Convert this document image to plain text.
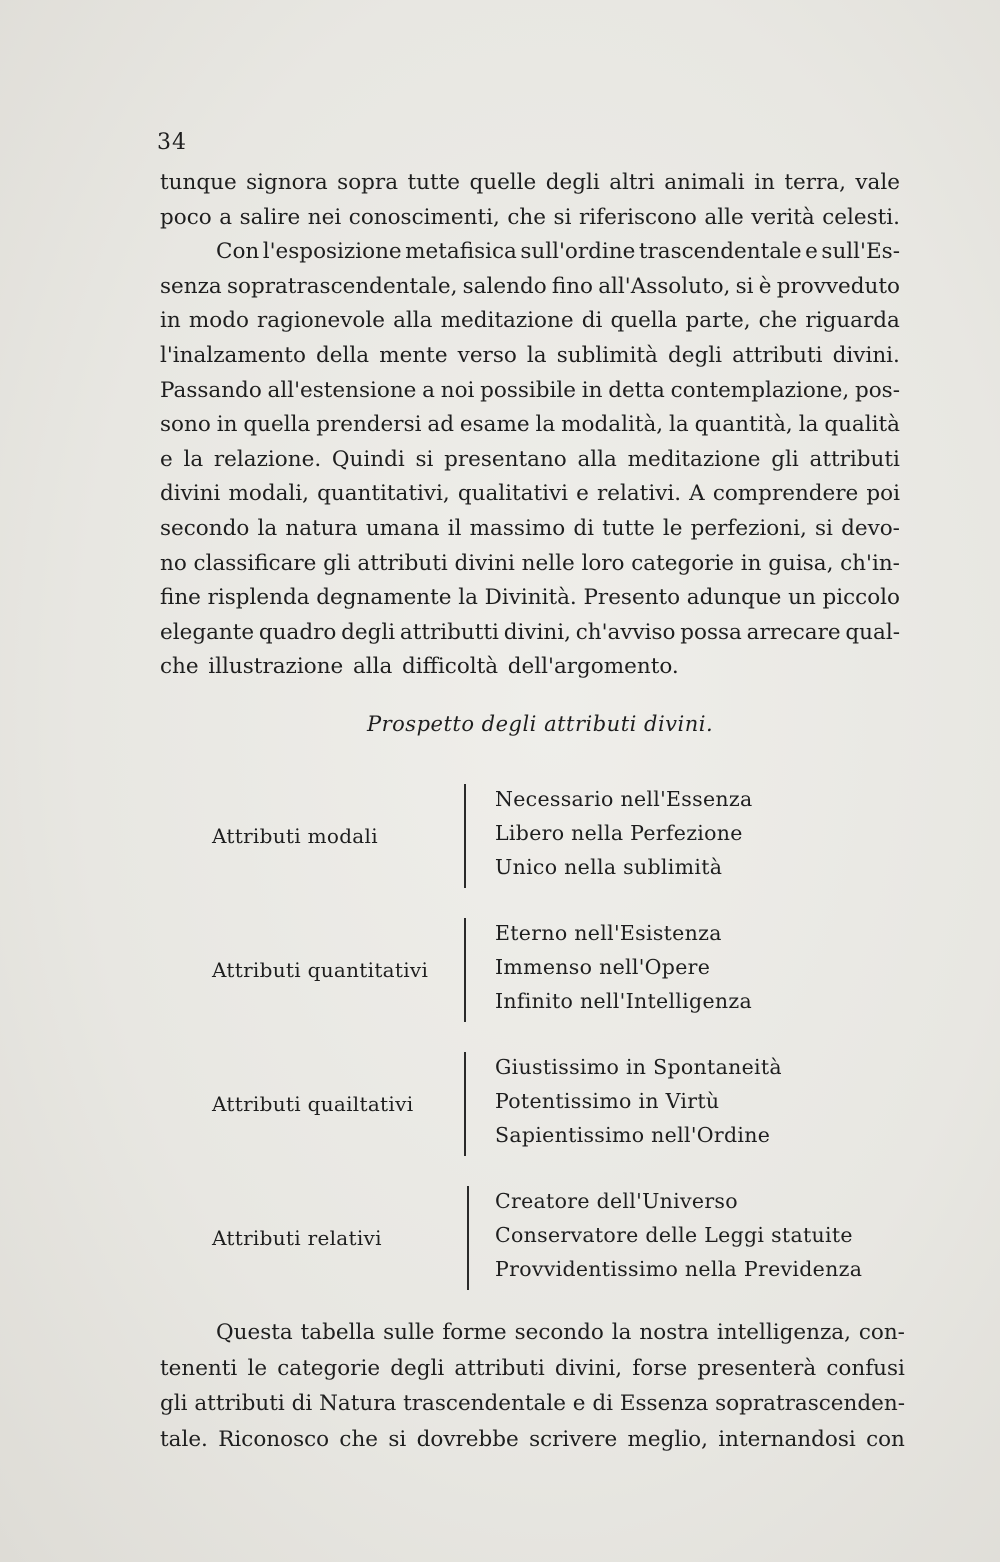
34
tunque signora sopra tutte quelle degli altri animali in terra, vale
poco a salire nei conoscimenti, che si riferiscono alle verità celesti.
Con l'esposizione metafisica sull'ordine trascendentale e sull'Es-
senza sopratrascendentale, salendo fino all'Assoluto, si è provveduto
in modo ragionevole alla meditazione di quella parte, che riguarda
l'inalzamento della mente verso la sublimità degli attributi divini.
Passando all'estensione a noi possibile in detta contemplazione, pos-
sono in quella prendersi ad esame la modalità, la quantità, la qualità
e la relazione. Quindi si presentano alla meditazione gli attributi
divini modali, quantitativi, qualitativi e relativi. A comprendere poi
secondo la natura umana il massimo di tutte le perfezioni, si devo-
no classificare gli attributi divini nelle loro categorie in guisa, ch'in-
fine risplenda degnamente la Divinità. Presento adunque un piccolo
elegante quadro degli attributti divini, ch'avviso possa arrecare qual-
che illustrazione alla difficoltà dell'argomento.
Prospetto degli attributi divini.
Attributi modali
Necessario nell'Essenza
Libero nella Perfezione
Unico nella sublimità
Attributi quantitativi
Eterno nell'Esistenza
Immenso nell'Opere
Infinito nell'Intelligenza
Attributi quailtativi
Giustissimo in Spontaneità
Potentissimo in Virtù
Sapientissimo nell'Ordine
Attributi relativi
Creatore dell'Universo
Conservatore delle Leggi statuite
Provvidentissimo nella Previdenza
Questa tabella sulle forme secondo la nostra intelligenza, con-
tenenti le categorie degli attributi divini, forse presenterà confusi
gli attributi di Natura trascendentale e di Essenza sopratrascenden-
tale. Riconosco che si dovrebbe scrivere meglio, internandosi con
